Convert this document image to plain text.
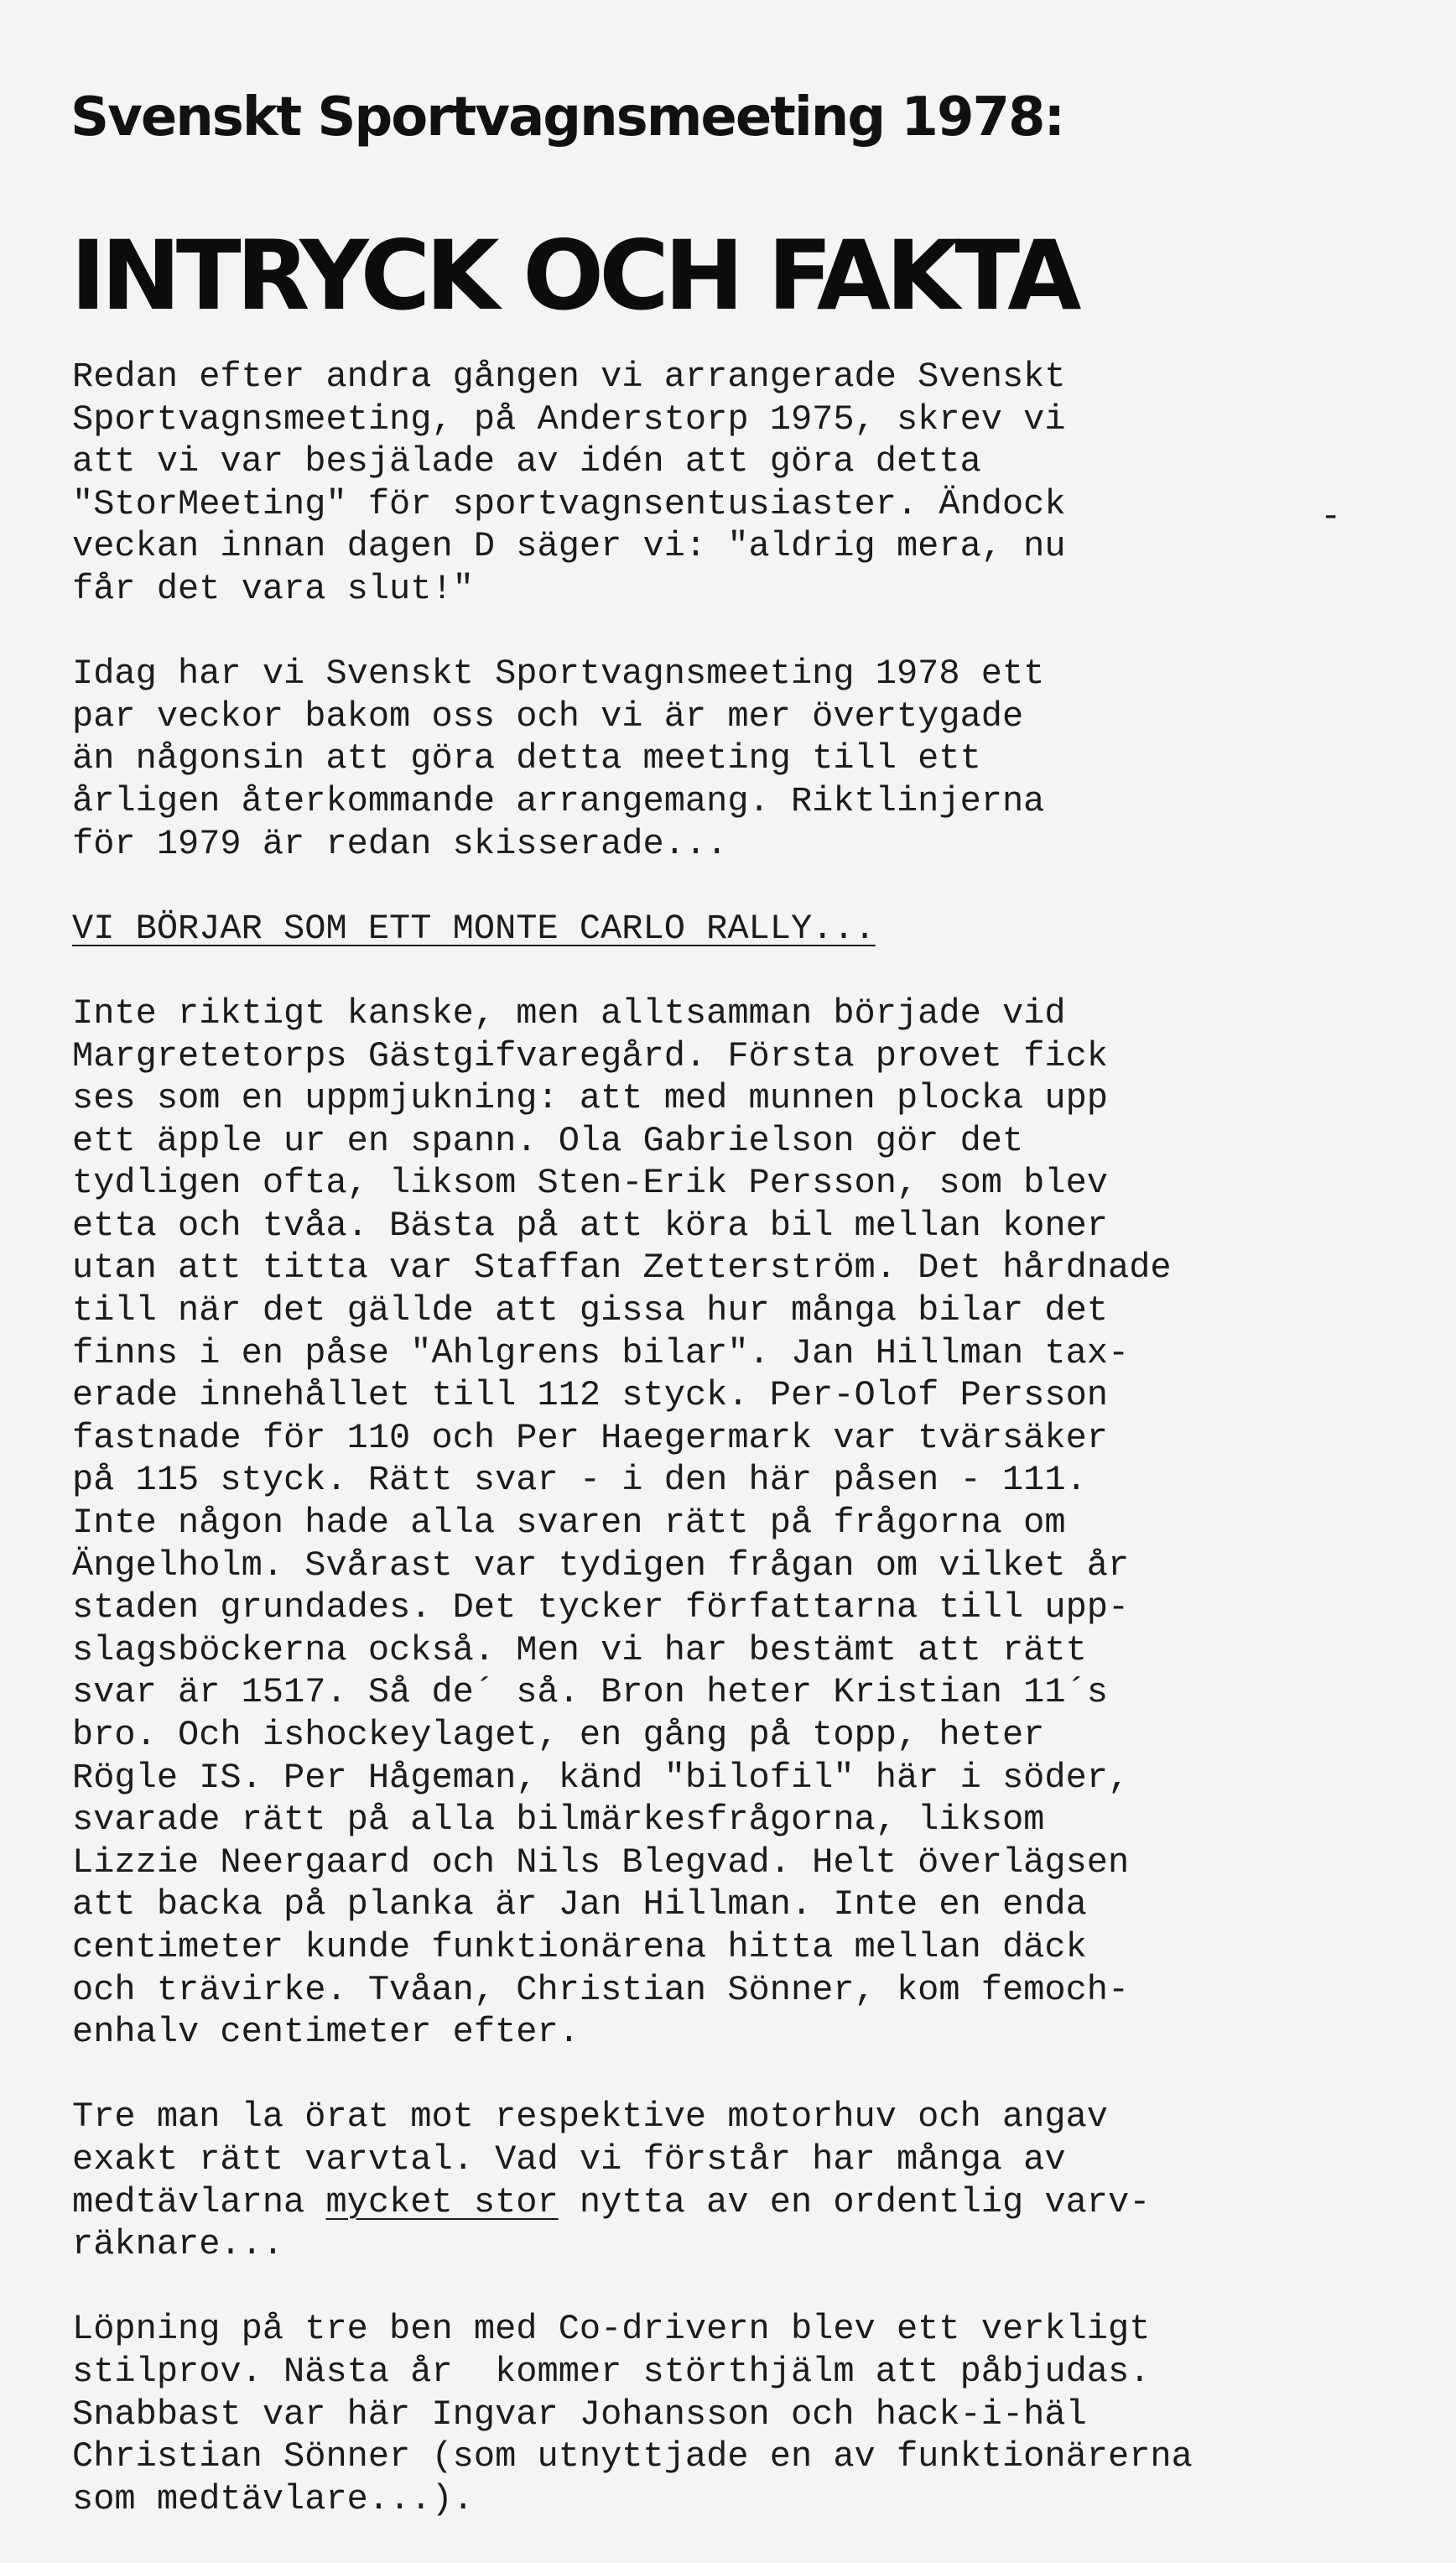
Svenskt Sportvagnsmeeting 1978:
INTRYCK OCH FAKTA
-

Redan efter andra gången vi arrangerade Svenskt
Sportvagnsmeeting, på Anderstorp 1975, skrev vi
att vi var besjälade av idén att göra detta
"StorMeeting" för sportvagnsentusiaster. Ändock
veckan innan dagen D säger vi: "aldrig mera, nu
får det vara slut!"

Idag har vi Svenskt Sportvagnsmeeting 1978 ett
par veckor bakom oss och vi är mer övertygade
än någonsin att göra detta meeting till ett
årligen återkommande arrangemang. Riktlinjerna
för 1979 är redan skisserade...

VI BÖRJAR SOM ETT MONTE CARLO RALLY...

Inte riktigt kanske, men alltsamman började vid
Margretetorps Gästgifvaregård. Första provet fick
ses som en uppmjukning: att med munnen plocka upp
ett äpple ur en spann. Ola Gabrielson gör det
tydligen ofta, liksom Sten-Erik Persson, som blev
etta och tvåa. Bästa på att köra bil mellan koner
utan att titta var Staffan Zetterström. Det hårdnade
till när det gällde att gissa hur många bilar det
finns i en påse "Ahlgrens bilar". Jan Hillman tax-
erade innehållet till 112 styck. Per-Olof Persson
fastnade för 110 och Per Haegermark var tvärsäker
på 115 styck. Rätt svar - i den här påsen - 111.
Inte någon hade alla svaren rätt på frågorna om
Ängelholm. Svårast var tydigen frågan om vilket år
staden grundades. Det tycker författarna till upp-
slagsböckerna också. Men vi har bestämt att rätt
svar är 1517. Så de´ så. Bron heter Kristian 11´s
bro. Och ishockeylaget, en gång på topp, heter
Rögle IS. Per Hågeman, känd "bilofil" här i söder,
svarade rätt på alla bilmärkesfrågorna, liksom
Lizzie Neergaard och Nils Blegvad. Helt överlägsen
att backa på planka är Jan Hillman. Inte en enda
centimeter kunde funktionärena hitta mellan däck
och trävirke. Tvåan, Christian Sönner, kom femoch-
enhalv centimeter efter.

Tre man la örat mot respektive motorhuv och angav
exakt rätt varvtal. Vad vi förstår har många av
medtävlarna mycket stor nytta av en ordentlig varv-
räknare...

Löpning på tre ben med Co-drivern blev ett verkligt
stilprov. Nästa år  kommer störthjälm att påbjudas.
Snabbast var här Ingvar Johansson och hack-i-häl
Christian Sönner (som utnyttjade en av funktionärerna
som medtävlare...).
